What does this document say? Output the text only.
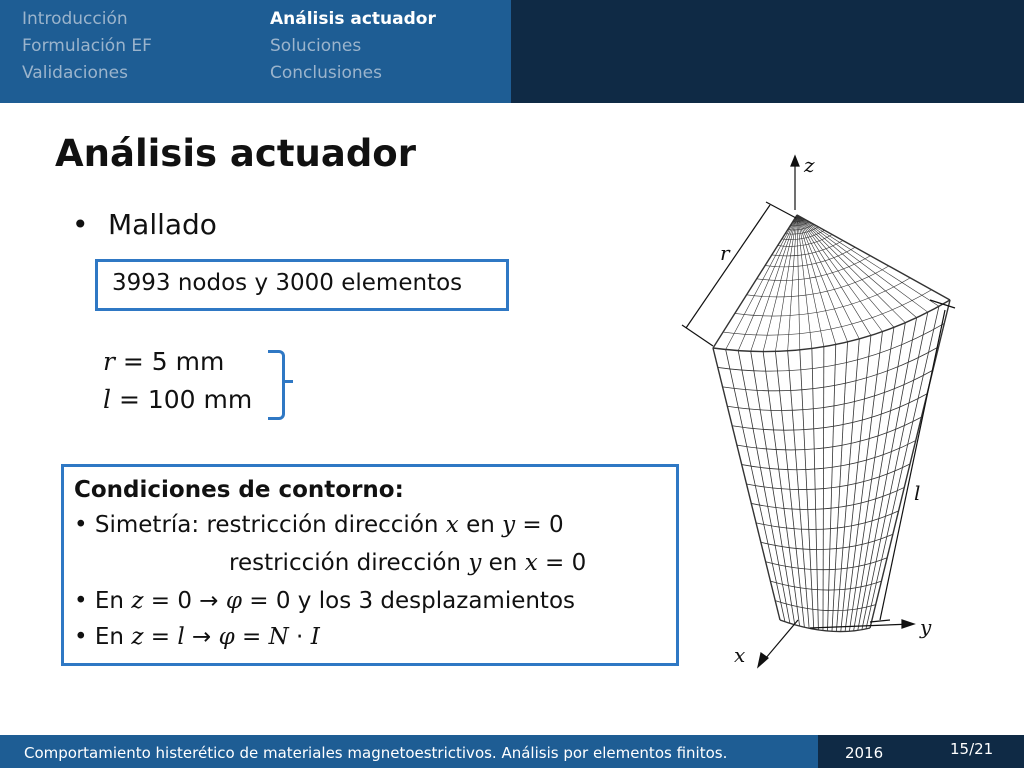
Introducción
Formulación EF
Validaciones
Análisis actuador
Soluciones
Conclusiones
Análisis actuador
• Mallado
3993 nodos y 3000 elementos
r = 5 mm
l = 100 mm
Condiciones de contorno:
• Simetría: restricción dirección x en y = 0
restricción dirección y en x = 0
• En z = 0 → φ = 0 y los 3 desplazamientos
• En z = l → φ = N · I
z
y
x
r
l
Comportamiento histerético de materiales magnetoestrictivos. Análisis por elementos finitos.	2016	15/21
